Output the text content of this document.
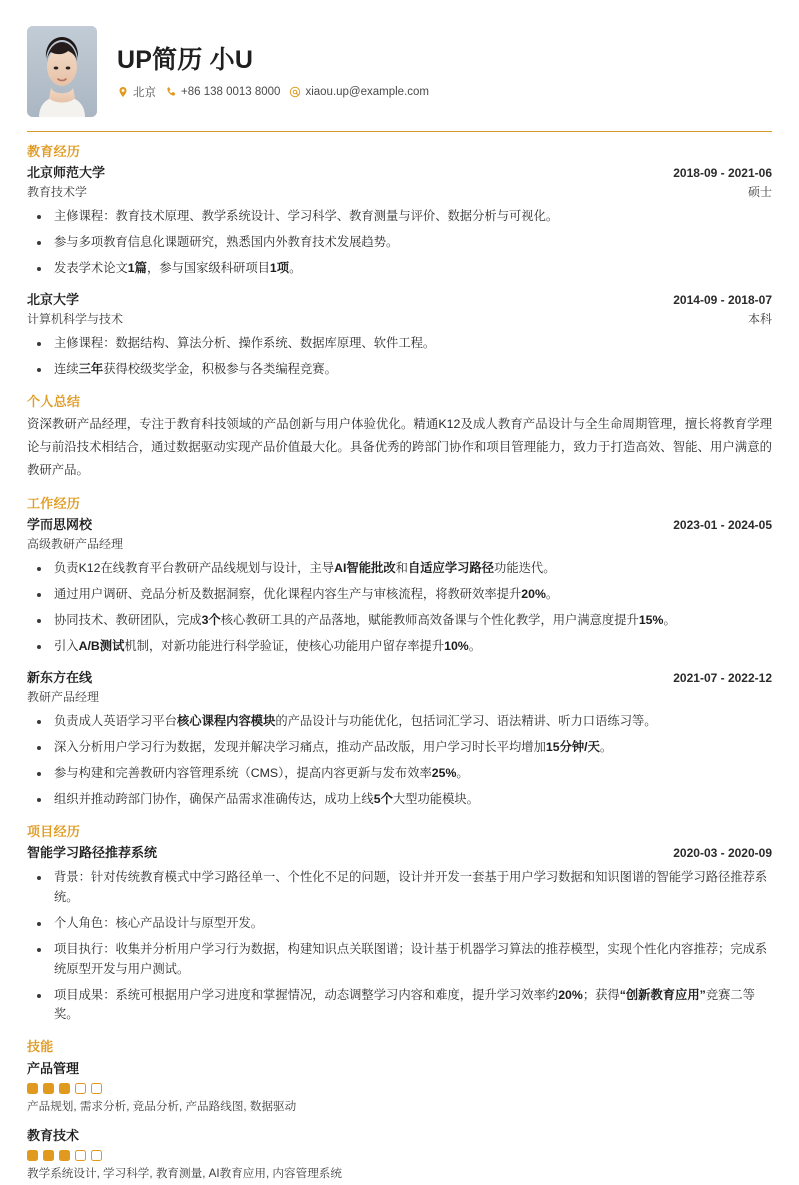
UP简历 小U
北京 +86 138 0013 8000 xiaou.up@example.com
教育经历
北京师范大学	2018-09 - 2021-06
教育技术学	硕士
主修课程：教育技术原理、教学系统设计、学习科学、教育测量与评价、数据分析与可视化。
参与多项教育信息化课题研究，熟悉国内外教育技术发展趋势。
发表学术论文1篇，参与国家级科研项目1项。
北京大学	2014-09 - 2018-07
计算机科学与技术	本科
主修课程：数据结构、算法分析、操作系统、数据库原理、软件工程。
连续三年获得校级奖学金，积极参与各类编程竞赛。
个人总结
资深教研产品经理，专注于教育科技领域的产品创新与用户体验优化。精通K12及成人教育产品设计与全生命周期管理，擅长将教育学理论与前沿技术相结合，通过数据驱动实现产品价值最大化。具备优秀的跨部门协作和项目管理能力，致力于打造高效、智能、用户满意的教研产品。
工作经历
学而思网校	2023-01 - 2024-05
高级教研产品经理
负责K12在线教育平台教研产品线规划与设计，主导AI智能批改和自适应学习路径功能迭代。
通过用户调研、竞品分析及数据洞察，优化课程内容生产与审核流程，将教研效率提升20%。
协同技术、教研团队，完成3个核心教研工具的产品落地，赋能教师高效备课与个性化教学，用户满意度提升15%。
引入A/B测试机制，对新功能进行科学验证，使核心功能用户留存率提升10%。
新东方在线	2021-07 - 2022-12
教研产品经理
负责成人英语学习平台核心课程内容模块的产品设计与功能优化，包括词汇学习、语法精讲、听力口语练习等。
深入分析用户学习行为数据，发现并解决学习痛点，推动产品改版，用户学习时长平均增加15分钟/天。
参与构建和完善教研内容管理系统（CMS），提高内容更新与发布效率25%。
组织并推动跨部门协作，确保产品需求准确传达，成功上线5个大型功能模块。
项目经历
智能学习路径推荐系统	2020-03 - 2020-09
背景：针对传统教育模式中学习路径单一、个性化不足的问题，设计并开发一套基于用户学习数据和知识图谱的智能学习路径推荐系统。
个人角色：核心产品设计与原型开发。
项目执行：收集并分析用户学习行为数据，构建知识点关联图谱；设计基于机器学习算法的推荐模型，实现个性化内容推荐；完成系统原型开发与用户测试。
项目成果：系统可根据用户学习进度和掌握情况，动态调整学习内容和难度，提升学习效率约20%；获得“创新教育应用”竞赛二等奖。
技能
产品管理
产品规划, 需求分析, 竞品分析, 产品路线图, 数据驱动
教育技术
教学系统设计, 学习科学, 教育测量, AI教育应用, 内容管理系统
